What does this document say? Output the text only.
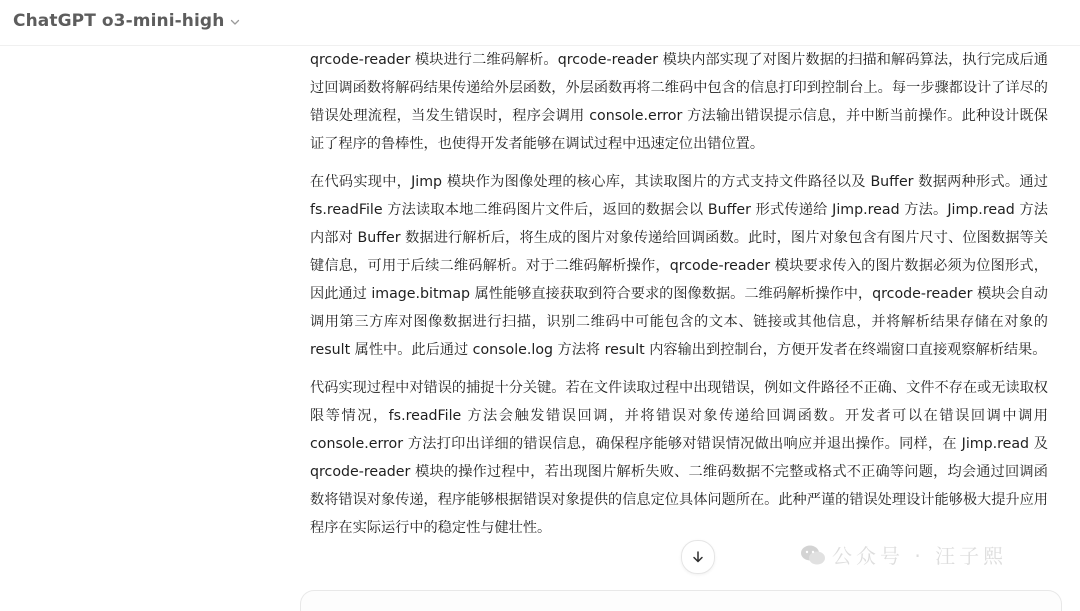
ChatGPT o3-mini-high

qrcode-reader 模块进行二维码解析。qrcode-reader 模块内部实现了对图片数据的扫描和解码算法，执行完成后通过回调函数将解码结果传递给外层函数，外层函数再将二维码中包含的信息打印到控制台上。每一步骤都设计了详尽的错误处理流程，当发生错误时，程序会调用 console.error 方法输出错误提示信息，并中断当前操作。此种设计既保证了程序的鲁棒性，也使得开发者能够在调试过程中迅速定位出错位置。

在代码实现中，Jimp 模块作为图像处理的核心库，其读取图片的方式支持文件路径以及 Buffer 数据两种形式。通过 fs.readFile 方法读取本地二维码图片文件后，返回的数据会以 Buffer 形式传递给 Jimp.read 方法。Jimp.read 方法内部对 Buffer 数据进行解析后，将生成的图片对象传递给回调函数。此时，图片对象包含有图片尺寸、位图数据等关键信息，可用于后续二维码解析。对于二维码解析操作，qrcode-reader 模块要求传入的图片数据必须为位图形式，因此通过 image.bitmap 属性能够直接获取到符合要求的图像数据。二维码解析操作中，qrcode-reader 模块会自动调用第三方库对图像数据进行扫描，识别二维码中可能包含的文本、链接或其他信息，并将解析结果存储在对象的 result 属性中。此后通过 console.log 方法将 result 内容输出到控制台，方便开发者在终端窗口直接观察解析结果。

代码实现过程中对错误的捕捉十分关键。若在文件读取过程中出现错误，例如文件路径不正确、文件不存在或无读取权限等情况，fs.readFile 方法会触发错误回调，并将错误对象传递给回调函数。开发者可以在错误回调中调用 console.error 方法打印出详细的错误信息，确保程序能够对错误情况做出响应并退出操作。同样，在 Jimp.read 及 qrcode-reader 模块的操作过程中，若出现图片解析失败、二维码数据不完整或格式不正确等问题，均会通过回调函数将错误对象传递，程序能够根据错误对象提供的信息定位具体问题所在。此种严谨的错误处理设计能够极大提升应用程序在实际运行中的稳定性与健壮性。

公众号 · 汪子熙
